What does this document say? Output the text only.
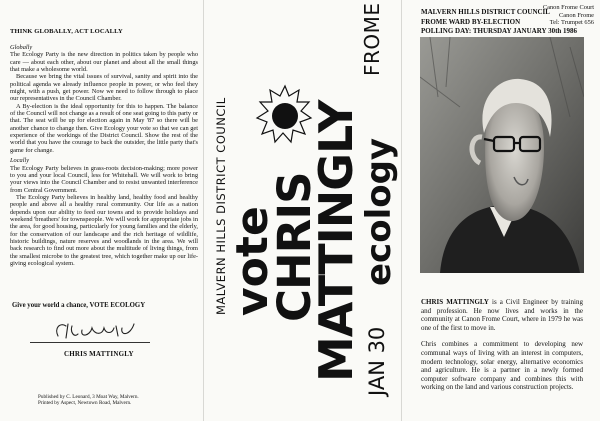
Canon Frome Court
Canon Frome
Tel: Trumpet 656
THINK GLOBALLY, ACT LOCALLY
Globally

The Ecology Party is the new direction in politics taken by people who care — about each other, about our planet and about all the small things that make a wholesome world.

Because we bring the vital issues of survival, sanity and spirit into the political agenda we already influence people in power, or who feel they might, with a push, get power. Now we need to follow through to place our representatives in the Council Chamber.

A By-election is the ideal opportunity for this to happen. The balance of the Council will not change as a result of one seat going to this party or that. The seat will be up for election again in May '87 so there will be another chance to change then. Give Ecology your vote so that we can get experience of the workings of the District Council. Show the rest of the world that you have the courage to back the outsider, the little party that's game for change.

Locally

The Ecology Party believes in grass-roots decision-making; more power to you and your local Council, less for Whitehall. We will work to bring your views into the Council Chamber and to resist unwanted interference from Central Government.

The Ecology Party believes in healthy land, healthy food and healthy people and above all a healthy rural community. Our life as a nation depends upon our ability to feed our towns and to provide holidays and weekend 'breathers' for townspeople. We will work for appropriate jobs in the area, for good housing, particularly for young families and the elderly, for the conservation of our landscape and the rich heritage of wildlife, historic buildings, nature reserves and woodlands in the area. We will back research to find out more about the multitude of living things, from the smallest microbe to the greatest tree, which together make up our life-giving ecological system.

Give your world a chance, VOTE ECOLOGY
CHRIS MATTINGLY
Published by C. Leonard, 3 Moat Way, Malvern.
Printed by Aspect, Newtown Road, Malvern.
MALVERN HILLS DISTRICT COUNCIL vote
CHRIS
MATTINGLY
ecology
FROME
JAN 30
MALVERN HILLS DISTRICT COUNCIL
FROME WARD BY-ELECTION
POLLING DAY: THURSDAY JANUARY 30th 1986

CHRIS MATTINGLY is a Civil Engineer by training and profession. He now lives and works in the community at Canon Frome Court, where in 1979 he was one of the first to move in.

Chris combines a commitment to developing new communal ways of living with an interest in computers, modern technology, solar energy, alternative economics and agriculture. He is a partner in a newly formed computer software company and combines this with working on the land and various construction projects.
